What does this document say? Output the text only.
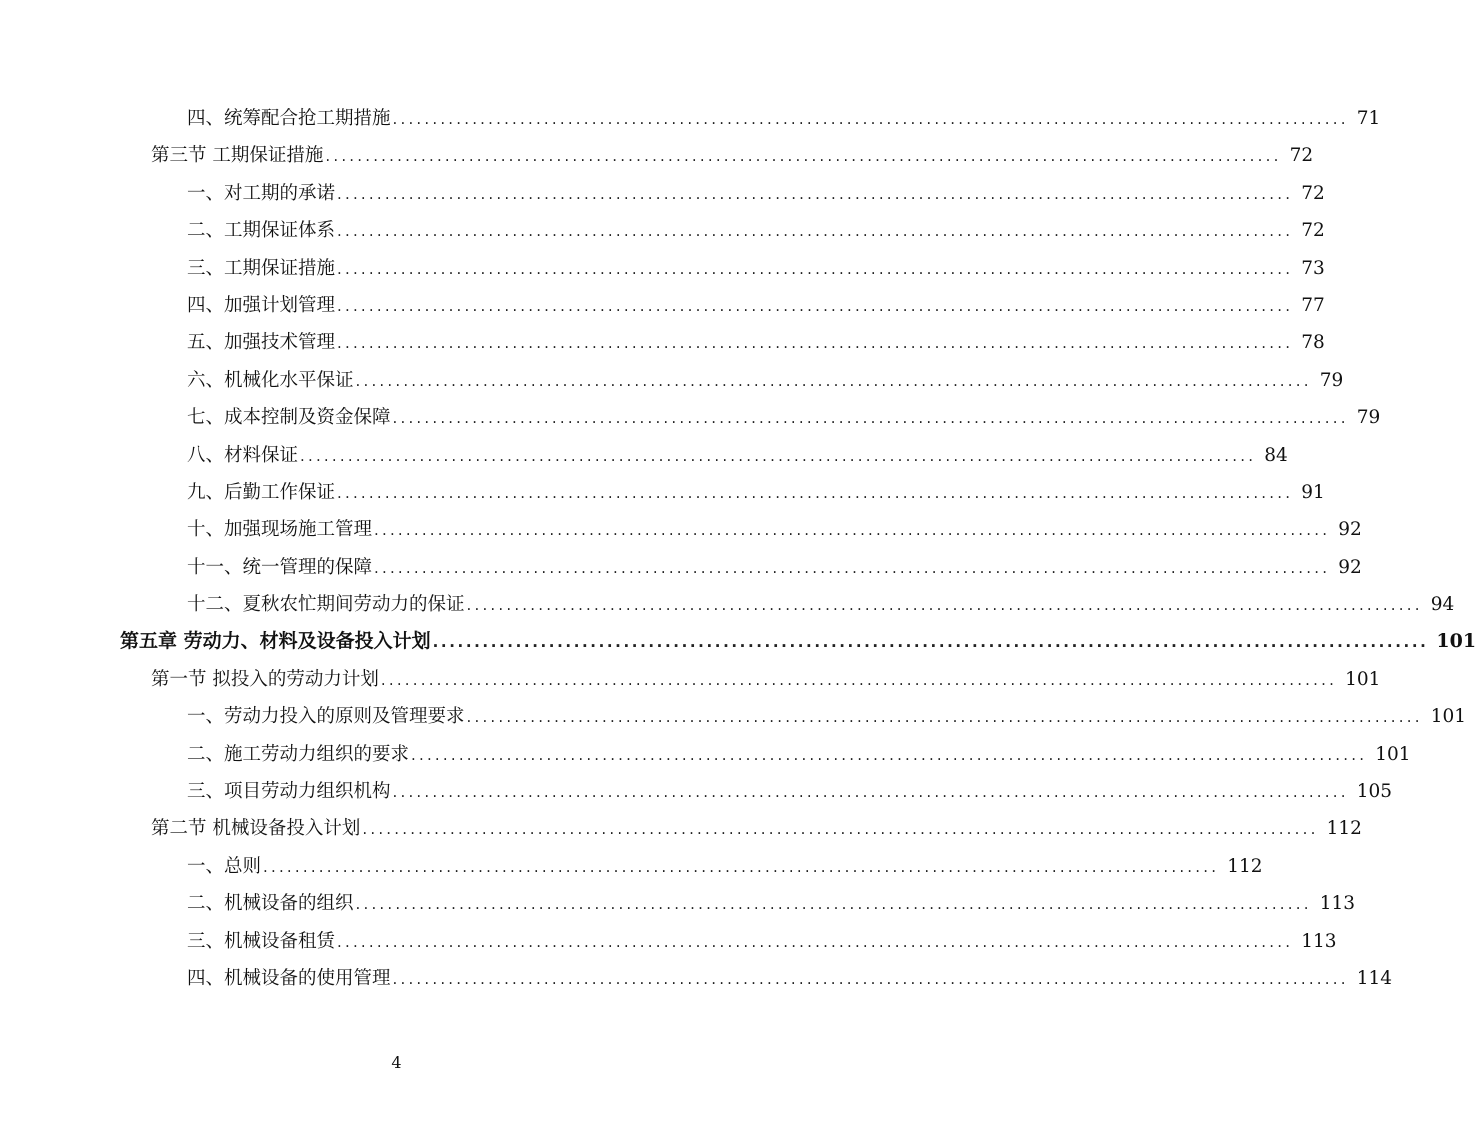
四、统筹配合抢工期措施 ........................................................................................................................ 71
第三节 工期保证措施 ........................................................................................................................ 72
一、对工期的承诺 ........................................................................................................................ 72
二、工期保证体系 ........................................................................................................................ 72
三、工期保证措施 ........................................................................................................................ 73
四、加强计划管理 ........................................................................................................................ 77
五、加强技术管理 ........................................................................................................................ 78
六、机械化水平保证 ........................................................................................................................ 79
七、成本控制及资金保障 ........................................................................................................................ 79
八、材料保证 ........................................................................................................................ 84
九、后勤工作保证 ........................................................................................................................ 91
十、加强现场施工管理 ........................................................................................................................ 92
十一、统一管理的保障 ........................................................................................................................ 92
十二、夏秋农忙期间劳动力的保证 ........................................................................................................................ 94
第五章 劳动力、材料及设备投入计划 ........................................................................................................................ 101
第一节 拟投入的劳动力计划 ........................................................................................................................ 101
一、劳动力投入的原则及管理要求 ........................................................................................................................ 101
二、施工劳动力组织的要求 ........................................................................................................................ 101
三、项目劳动力组织机构 ........................................................................................................................ 105
第二节 机械设备投入计划 ........................................................................................................................ 112
一、总则 ........................................................................................................................ 112
二、机械设备的组织 ........................................................................................................................ 113
三、机械设备租赁 ........................................................................................................................ 113
四、机械设备的使用管理 ........................................................................................................................ 114
4
